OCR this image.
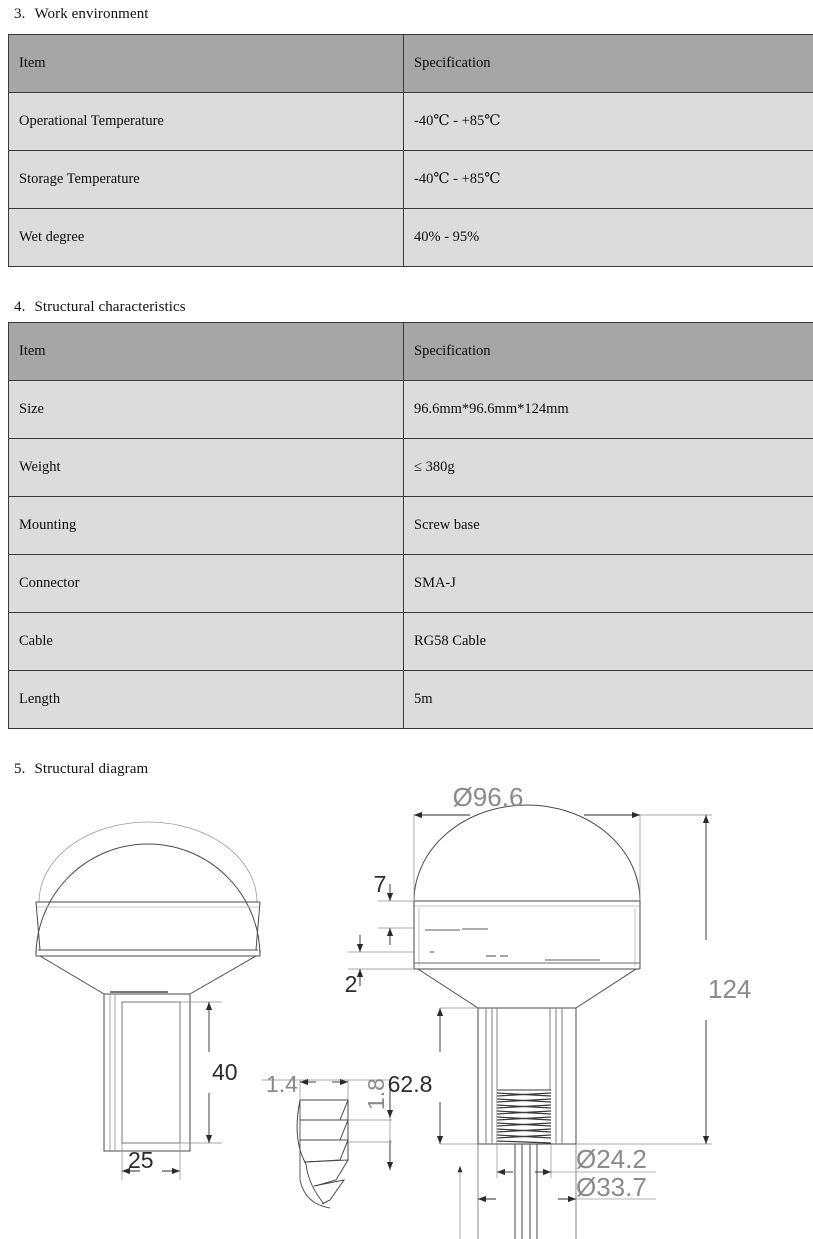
3. Work environment
Item	Specification
Operational Temperature	-40℃ - +85℃
Storage Temperature	-40℃ - +85℃
Wet degree	40% - 95%
4. Structural characteristics
Item	Specification
Size	96.6mm*96.6mm*124mm
Weight	≤ 380g
Mounting	Screw base
Connector	SMA-J
Cable	RG58 Cable
Length	5m
5. Structural diagram
40
25
1.4	1.8
Ø96.6
7
2	124
62.8
Ø24.2
Ø33.7
